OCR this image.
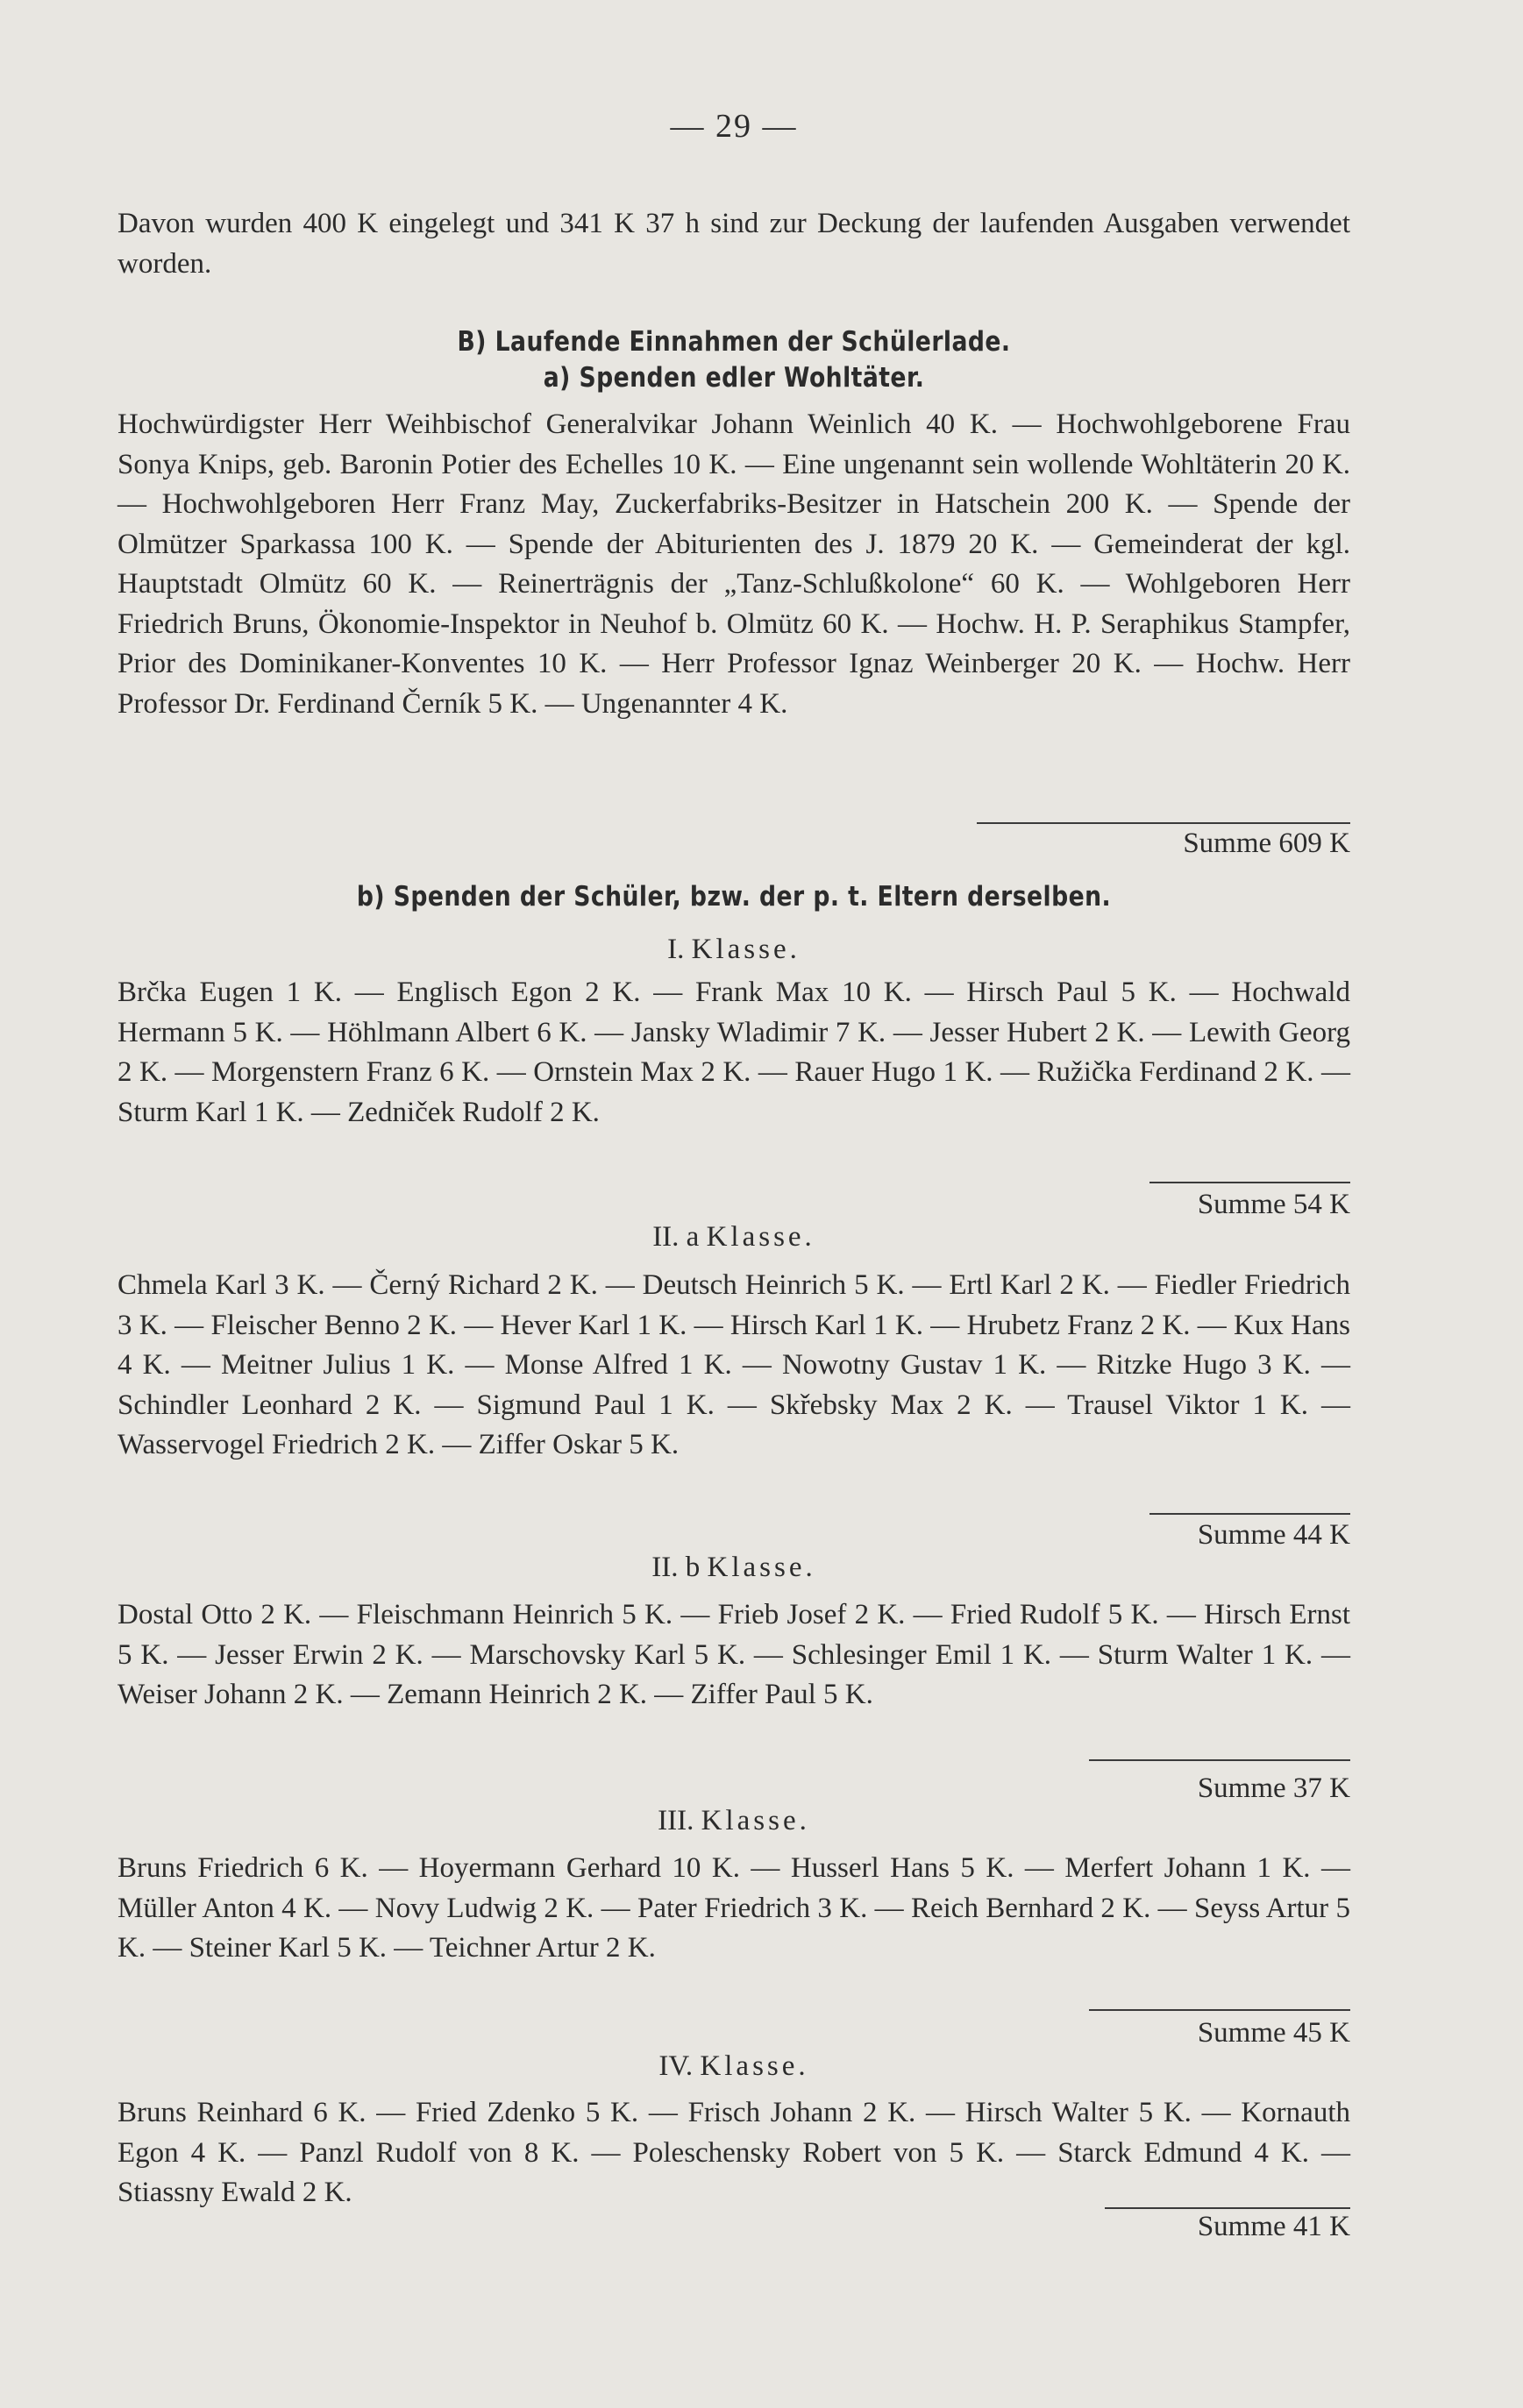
— 29 —

Davon wurden 400 K eingelegt und 341 K 37 h sind zur Deckung der laufenden Ausgaben verwendet worden.

B) Laufende Einnahmen der Schülerlade.
a) Spenden edler Wohltäter.

Hochwürdigster Herr Weihbischof Generalvikar Johann Weinlich 40 K. — Hochwohlgeborene Frau Sonya Knips, geb. Baronin Potier des Echelles 10 K. — Eine ungenannt sein wollende Wohltäterin 20 K. — Hochwohlgeboren Herr Franz May, Zuckerfabriks-Besitzer in Hatschein 200 K. — Spende der Olmützer Sparkassa 100 K. — Spende der Abiturienten des J. 1879 20 K. — Gemeinderat der kgl. Hauptstadt Olmütz 60 K. — Reinerträgnis der „Tanz-Schlußkolone“ 60 K. — Wohlgeboren Herr Friedrich Bruns, Ökonomie-Inspektor in Neuhof b. Olmütz 60 K. — Hochw. H. P. Seraphikus Stampfer, Prior des Dominikaner-Konventes 10 K. — Herr Professor Ignaz Weinberger 20 K. — Hochw. Herr Professor Dr. Ferdinand Černík 5 K. — Ungenannter 4 K.

Summe 609 K
b) Spenden der Schüler, bzw. der p. t. Eltern derselben.
I. Klasse.

Brčka Eugen 1 K. — Englisch Egon 2 K. — Frank Max 10 K. — Hirsch Paul 5 K. — Hochwald Hermann 5 K. — Höhlmann Albert 6 K. — Jansky Wladimir 7 K. — Jesser Hubert 2 K. — Lewith Georg 2 K. — Morgenstern Franz 6 K. — Ornstein Max 2 K. — Rauer Hugo 1 K. — Ružička Ferdinand 2 K. — Sturm Karl 1 K. — Zedniček Rudolf 2 K.

Summe 54 K
II. a Klasse.

Chmela Karl 3 K. — Černý Richard 2 K. — Deutsch Heinrich 5 K. — Ertl Karl 2 K. — Fiedler Friedrich 3 K. — Fleischer Benno 2 K. — Hever Karl 1 K. — Hirsch Karl 1 K. — Hrubetz Franz 2 K. — Kux Hans 4 K. — Meitner Julius 1 K. — Monse Alfred 1 K. — Nowotny Gustav 1 K. — Ritzke Hugo 3 K. — Schindler Leonhard 2 K. — Sigmund Paul 1 K. — Skřebsky Max 2 K. — Trausel Viktor 1 K. — Wasservogel Friedrich 2 K. — Ziffer Oskar 5 K.

Summe 44 K
II. b Klasse.

Dostal Otto 2 K. — Fleischmann Heinrich 5 K. — Frieb Josef 2 K. — Fried Rudolf 5 K. — Hirsch Ernst 5 K. — Jesser Erwin 2 K. — Marschovsky Karl 5 K. — Schlesinger Emil 1 K. — Sturm Walter 1 K. — Weiser Johann 2 K. — Zemann Heinrich 2 K. — Ziffer Paul 5 K.

Summe 37 K
III. Klasse.

Bruns Friedrich 6 K. — Hoyermann Gerhard 10 K. — Husserl Hans 5 K. — Merfert Johann 1 K. — Müller Anton 4 K. — Novy Ludwig 2 K. — Pater Friedrich 3 K. — Reich Bernhard 2 K. — Seyss Artur 5 K. — Steiner Karl 5 K. — Teichner Artur 2 K.

Summe 45 K
IV. Klasse.

Bruns Reinhard 6 K. — Fried Zdenko 5 K. — Frisch Johann 2 K. — Hirsch Walter 5 K. — Kornauth Egon 4 K. — Panzl Rudolf von 8 K. — Poleschensky Robert von 5 K. — Starck Edmund 4 K. — Stiassny Ewald 2 K.

Summe 41 K
